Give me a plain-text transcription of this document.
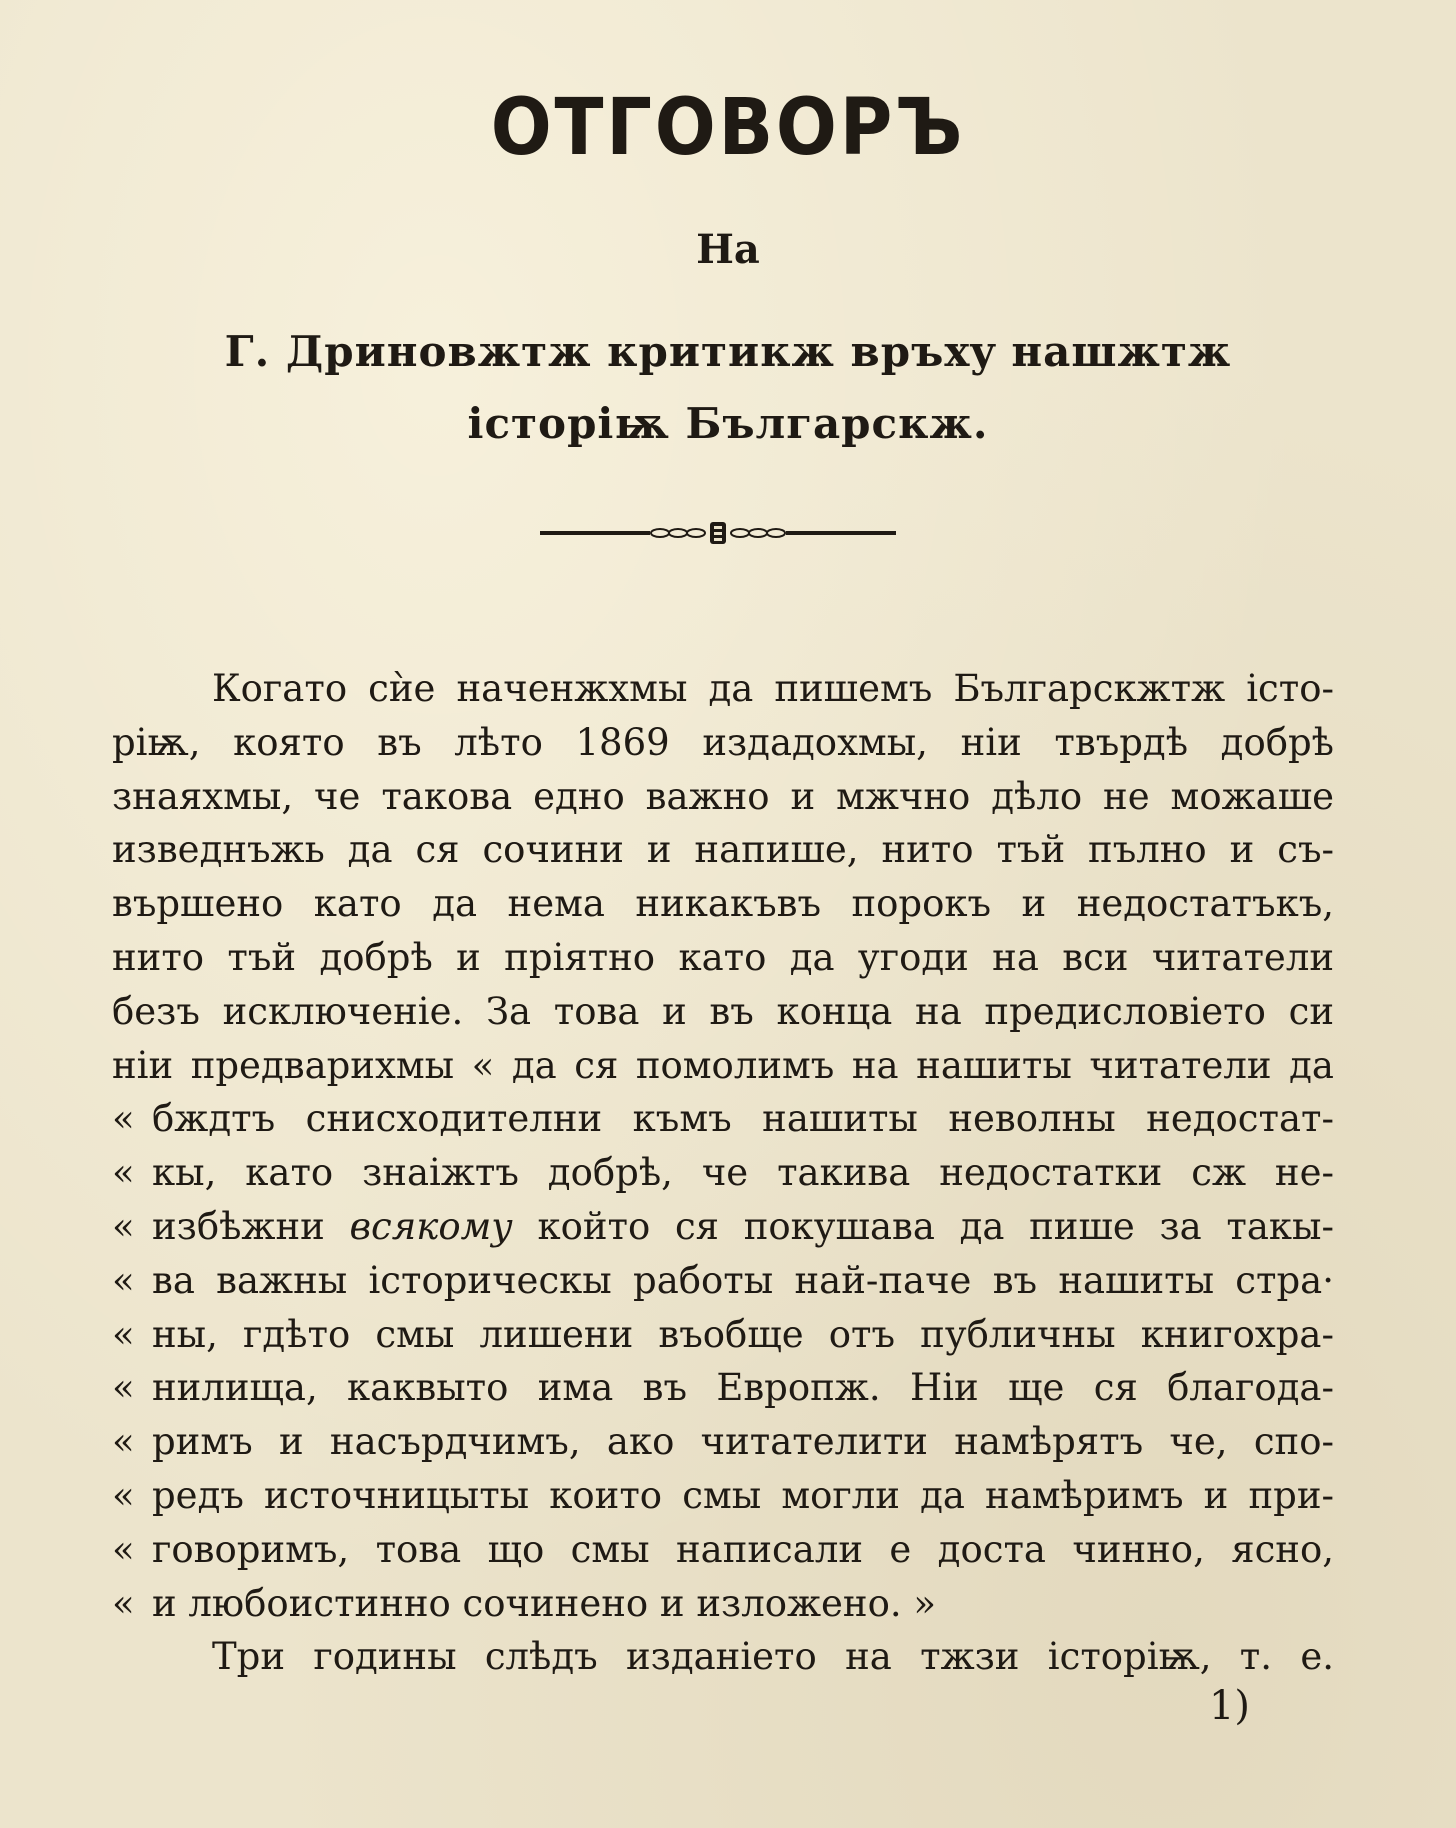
ОТГОВОРЪ
На
Г. Дриновжтж критикж връхy нашжтж
історіѭ Българскж.
Когато сѝе наченжхмы да пишемъ Българскжтж істо-
ріѭ, която въ лѣто 1869 издадохмы, ніи твърдѣ добрѣ
знаяхмы, че такова едно важно и мжчно дѣло не можаше
изведнъжь да ся сочини и напише, нито тъй пълно и съ-
вършено като да нема никакъвъ порокъ и недостатъкъ,
нито тъй добрѣ и пріятно като да угоди на вси читатели
безъ исключеніе. За това и въ конца на предисловіето си
ніи предварихмы « да ся помолимъ на нашиты читатели да
« бждтъ снисходителни къмъ нашиты неволны недостат-
« кы, като знаіжтъ добрѣ, че такива недостатки сж не-
« избѣжни всякому който ся покушава да пише за такы-
« ва важны історическы работы най-паче въ нашиты стра·
« ны, гдѣто смы лишени въобще отъ публичны книгохра-
« нилища, каквыто има въ Европж. Ніи ще ся благода-
« римъ и насърдчимъ, ако читателити намѣрятъ че, спо-
« редъ источницыты които смы могли да намѣримъ и при-
« говоримъ, това що смы написали е доста чинно, ясно,
« и любоистинно сочинено и изложено. »
Три годины слѣдъ изданіето на тжзи історіѭ, т. е.
1)
